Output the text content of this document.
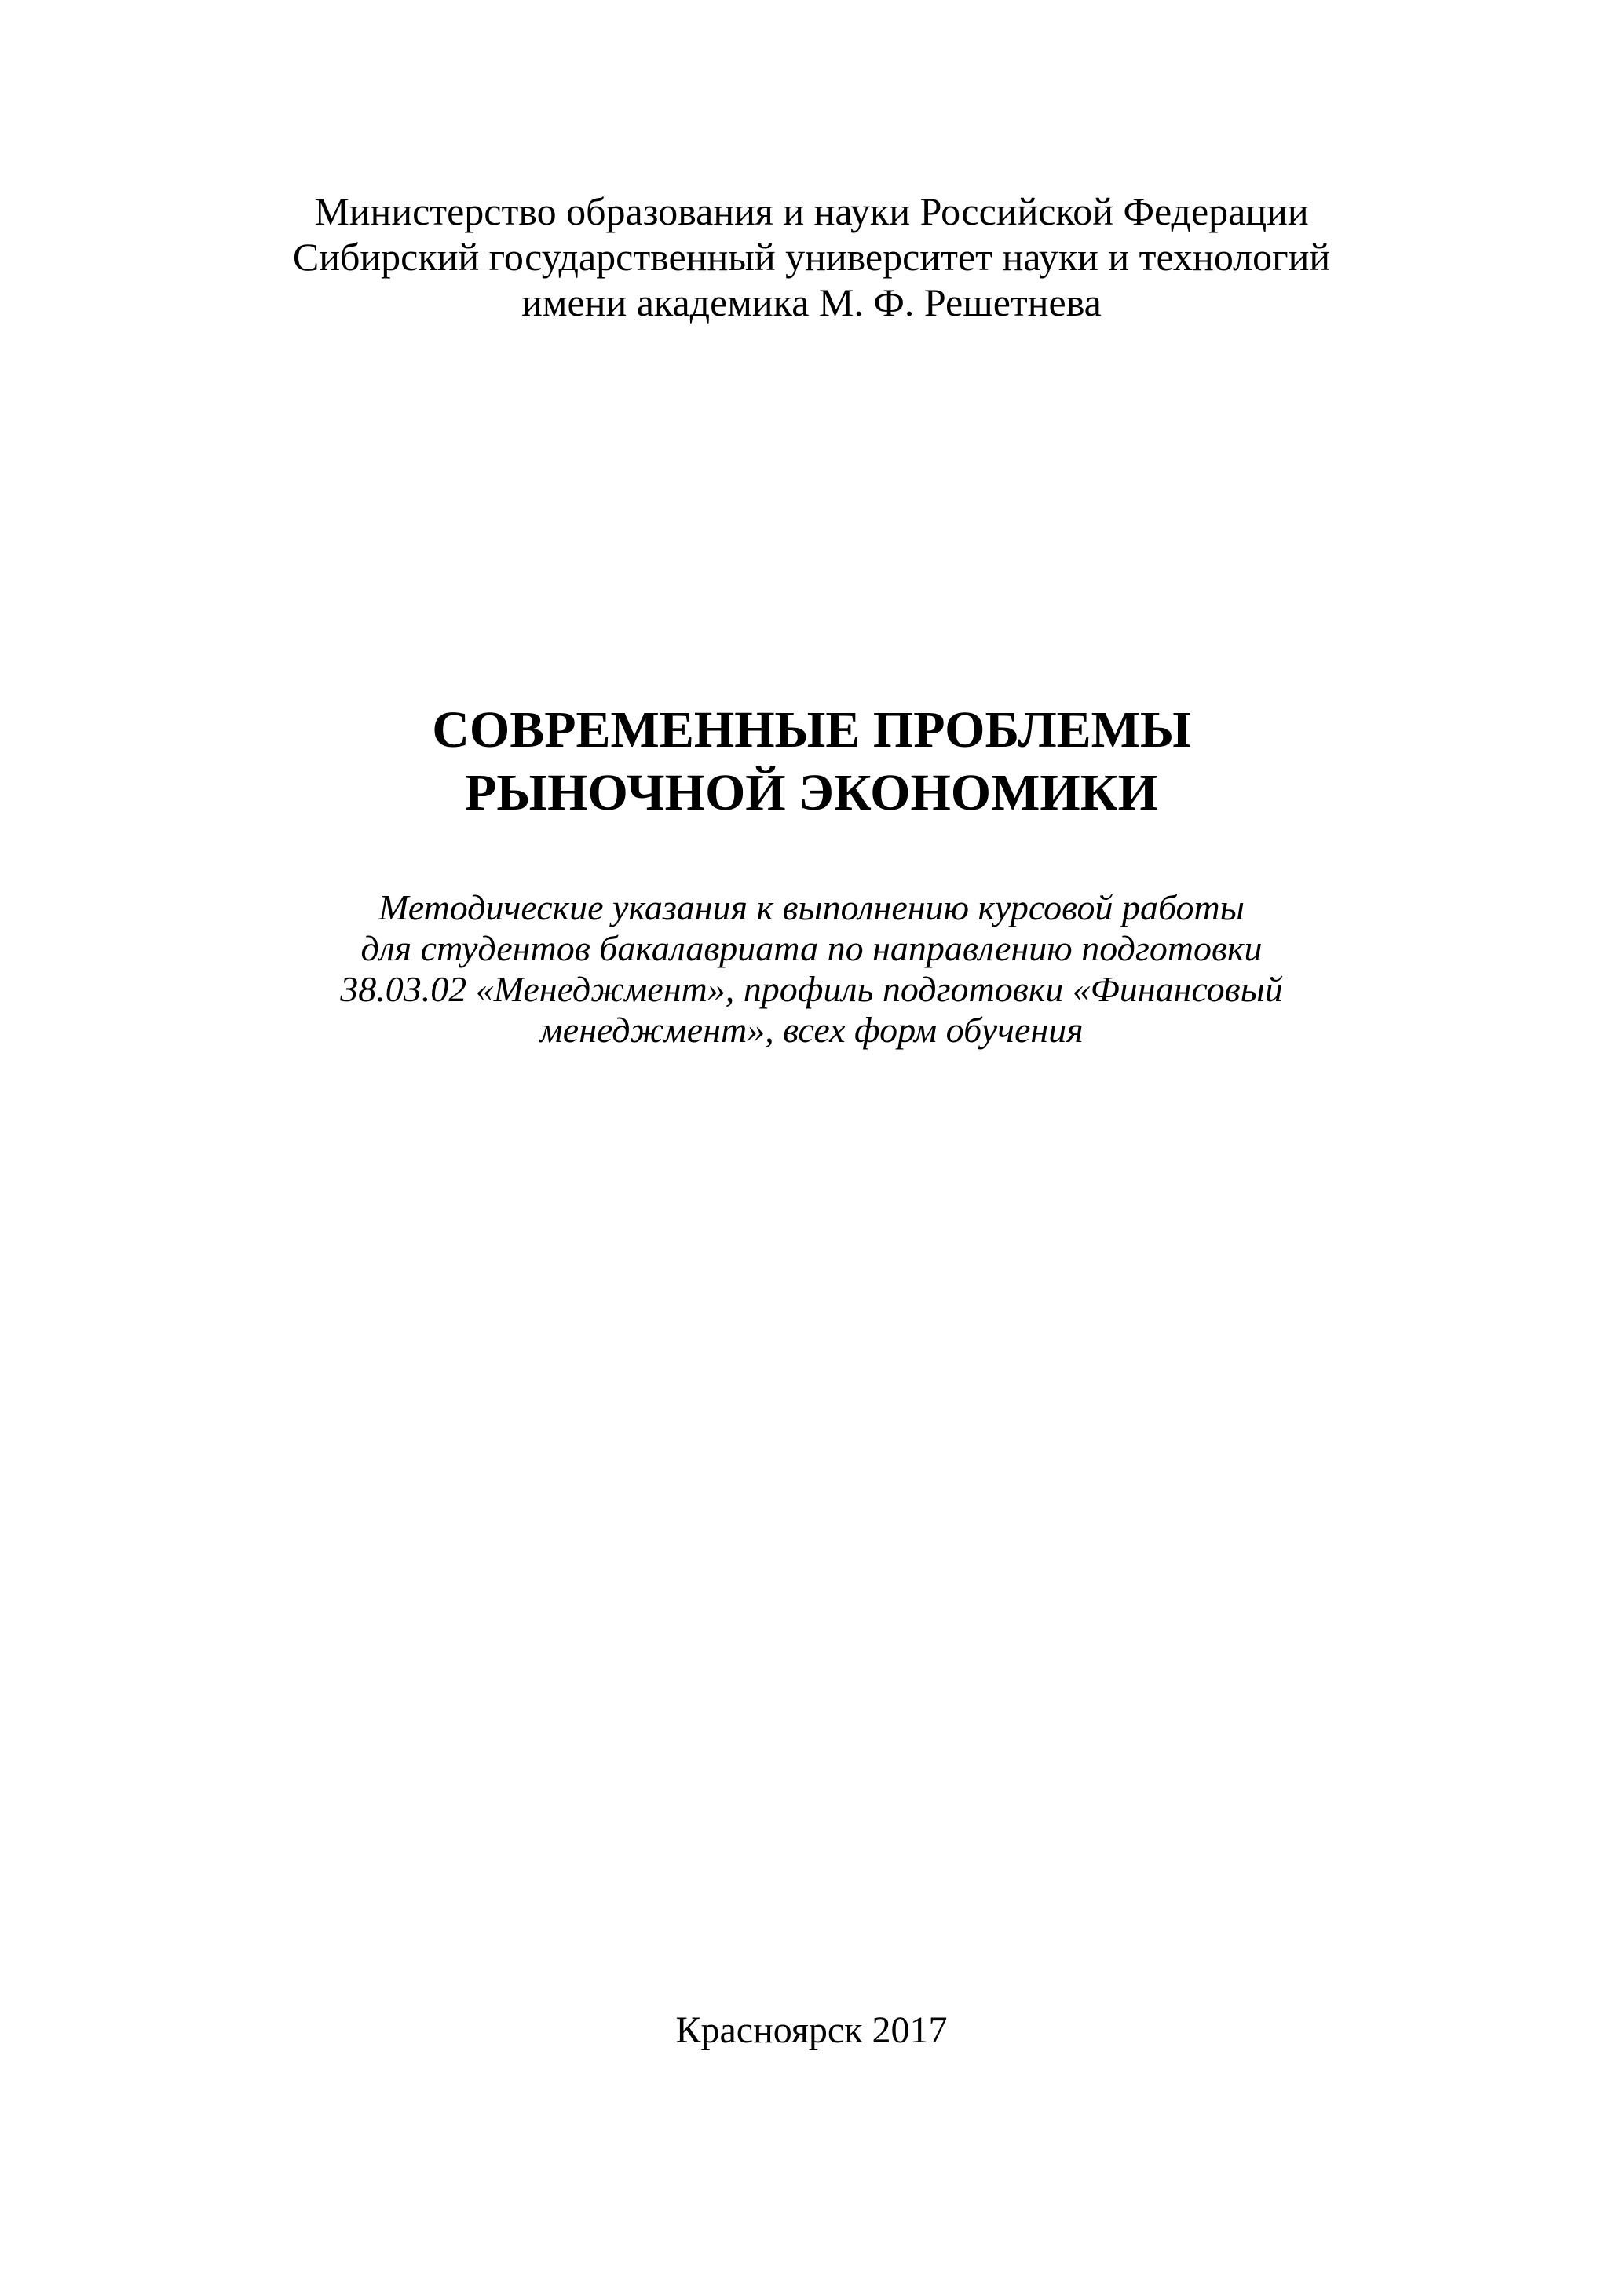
Министерство образования и науки Российской Федерации
Сибирский государственный университет науки и технологий
имени академика М. Ф. Решетнева
СОВРЕМЕННЫЕ ПРОБЛЕМЫ
РЫНОЧНОЙ ЭКОНОМИКИ
Методические указания к выполнению курсовой работы
для студентов бакалавриата по направлению подготовки
38.03.02 «Менеджмент», профиль подготовки «Финансовый
менеджмент», всех форм обучения
Красноярск 2017
